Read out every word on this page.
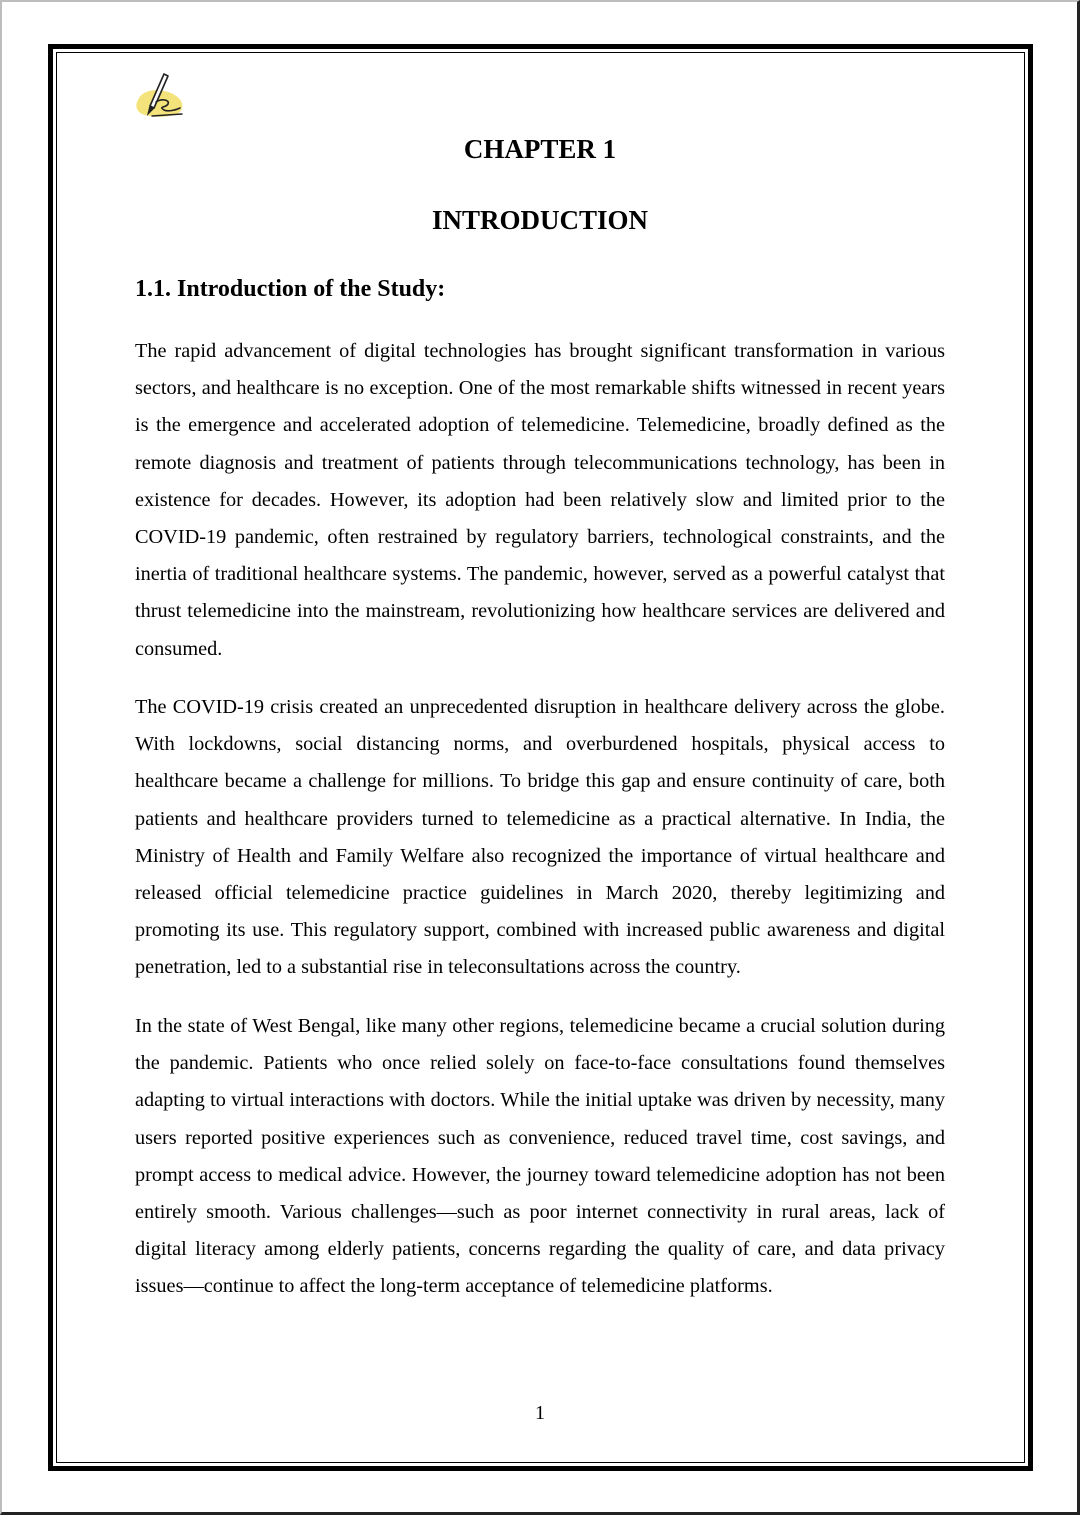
CHAPTER 1
INTRODUCTION
1.1. Introduction of the Study:

The rapid advancement of digital technologies has brought significant transformation in various sectors, and healthcare is no exception. One of the most remarkable shifts witnessed in recent years is the emergence and accelerated adoption of telemedicine. Telemedicine, broadly defined as the remote diagnosis and treatment of patients through telecommunications technology, has been in existence for decades. However, its adoption had been relatively slow and limited prior to the COVID-19 pandemic, often restrained by regulatory barriers, technological constraints, and the inertia of traditional healthcare systems. The pandemic, however, served as a powerful catalyst that thrust telemedicine into the mainstream, revolutionizing how healthcare services are delivered and consumed.

The COVID-19 crisis created an unprecedented disruption in healthcare delivery across the globe. With lockdowns, social distancing norms, and overburdened hospitals, physical access to healthcare became a challenge for millions. To bridge this gap and ensure continuity of care, both patients and healthcare providers turned to telemedicine as a practical alternative. In India, the Ministry of Health and Family Welfare also recognized the importance of virtual healthcare and released official telemedicine practice guidelines in March 2020, thereby legitimizing and promoting its use. This regulatory support, combined with increased public awareness and digital penetration, led to a substantial rise in teleconsultations across the country.

In the state of West Bengal, like many other regions, telemedicine became a crucial solution during the pandemic. Patients who once relied solely on face-to-face consultations found themselves adapting to virtual interactions with doctors. While the initial uptake was driven by necessity, many users reported positive experiences such as convenience, reduced travel time, cost savings, and prompt access to medical advice. However, the journey toward telemedicine adoption has not been entirely smooth. Various challenges—such as poor internet connectivity in rural areas, lack of digital literacy among elderly patients, concerns regarding the quality of care, and data privacy issues—continue to affect the long-term acceptance of telemedicine platforms.

1
